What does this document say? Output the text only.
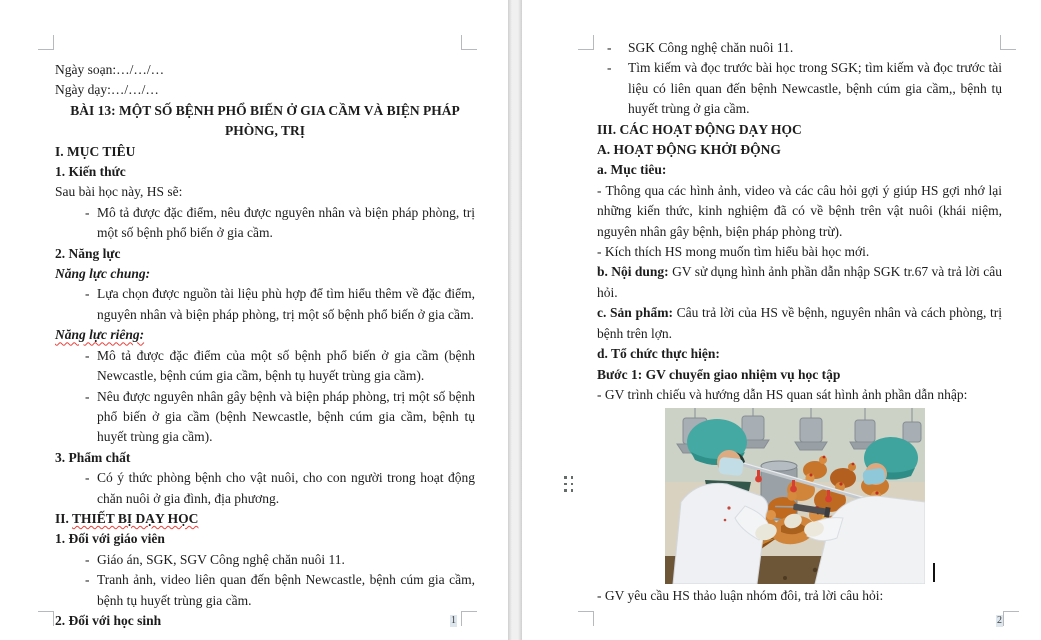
Ngày soạn:…/…/…
Ngày dạy:…/…/…
BÀI 13: MỘT SỐ BỆNH PHỔ BIẾN Ở GIA CẦM VÀ BIỆN PHÁP PHÒNG, TRỊ
I. MỤC TIÊU
1. Kiến thức
Sau bài học này, HS sẽ:
- Mô tả được đặc điểm, nêu được nguyên nhân và biện pháp phòng, trị một số bệnh phổ biến ở gia cầm.
2. Năng lực
Năng lực chung:
- Lựa chọn được nguồn tài liệu phù hợp để tìm hiểu thêm về đặc điểm, nguyên nhân và biện pháp phòng, trị một số bệnh phổ biến ở gia cầm.
Năng lực riêng:
- Mô tả được đặc điểm của một số bệnh phổ biến ở gia cầm (bệnh Newcastle, bệnh cúm gia cầm, bệnh tụ huyết trùng gia cầm).
- Nêu được nguyên nhân gây bệnh và biện pháp phòng, trị một số bệnh phổ biến ở gia cầm (bệnh Newcastle, bệnh cúm gia cầm, bệnh tụ huyết trùng gia cầm).
3. Phẩm chất
- Có ý thức phòng bệnh cho vật nuôi, cho con người trong hoạt động chăn nuôi ở gia đình, địa phương.
II. THIẾT BỊ DẠY HỌC
1. Đối với giáo viên
- Giáo án, SGK, SGV Công nghệ chăn nuôi 11.
- Tranh ảnh, video liên quan đến bệnh Newcastle, bệnh cúm gia cầm, bệnh tụ huyết trùng gia cầm.
2. Đối với học sinh	1
- SGK Công nghệ chăn nuôi 11.
- Tìm kiếm và đọc trước bài học trong SGK; tìm kiếm và đọc trước tài liệu có liên quan đến bệnh Newcastle, bệnh cúm gia cầm,, bệnh tụ huyết trùng ở gia cầm.
III. CÁC HOẠT ĐỘNG DẠY HỌC
A. HOẠT ĐỘNG KHỞI ĐỘNG
a. Mục tiêu:
- Thông qua các hình ảnh, video và các câu hỏi gợi ý giúp HS gợi nhớ lại những kiến thức, kinh nghiệm đã có về bệnh trên vật nuôi (khái niệm, nguyên nhân gây bệnh, biện pháp phòng trừ).
- Kích thích HS mong muốn tìm hiểu bài học mới.
b. Nội dung: GV sử dụng hình ảnh phần dẫn nhập SGK tr.67 và trả lời câu hỏi.
c. Sản phẩm: Câu trả lời của HS về bệnh, nguyên nhân và cách phòng, trị bệnh trên lợn.
d. Tổ chức thực hiện:
Bước 1: GV chuyển giao nhiệm vụ học tập
- GV trình chiếu và hướng dẫn HS quan sát hình ảnh phần dẫn nhập:
- GV yêu cầu HS thảo luận nhóm đôi, trả lời câu hỏi:
2
